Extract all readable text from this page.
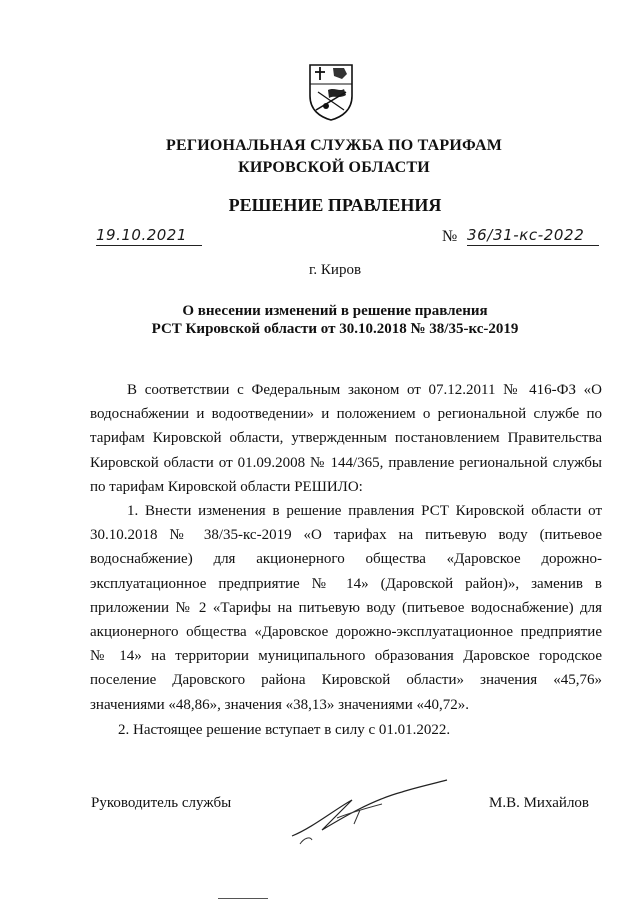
РЕГИОНАЛЬНАЯ СЛУЖБА ПО ТАРИФАМ
КИРОВСКОЙ ОБЛАСТИ
РЕШЕНИЕ ПРАВЛЕНИЯ
19.10.2021	№ 36/31-кс-2022
г. Киров
О внесении изменений в решение правления
РСТ Кировской области от 30.10.2018 № 38/35-кс-2019

В соответствии с Федеральным законом от 07.12.2011 № 416-ФЗ «О водоснабжении и водоотведении» и положением о региональной службе по тарифам Кировской области, утвержденным постановлением Правительства Кировской области от 01.09.2008 № 144/365, правление региональной службы по тарифам Кировской области РЕШИЛО:

1. Внести изменения в решение правления РСТ Кировской области от 30.10.2018 № 38/35-кс-2019 «О тарифах на питьевую воду (питьевое водоснабжение) для акционерного общества «Даровское дорожно-эксплуатационное предприятие № 14» (Даровской район)», заменив в приложении № 2 «Тарифы на питьевую воду (питьевое водоснабжение) для акционерного общества «Даровское дорожно-эксплуатационное предприятие № 14» на территории муниципального образования Даровское городское поселение Даровского района Кировской области» значения «45,76» значениями «48,86», значения «38,13» значениями «40,72».

2. Настоящее решение вступает в силу с 01.01.2022.

Руководитель службы	М.В. Михайлов
